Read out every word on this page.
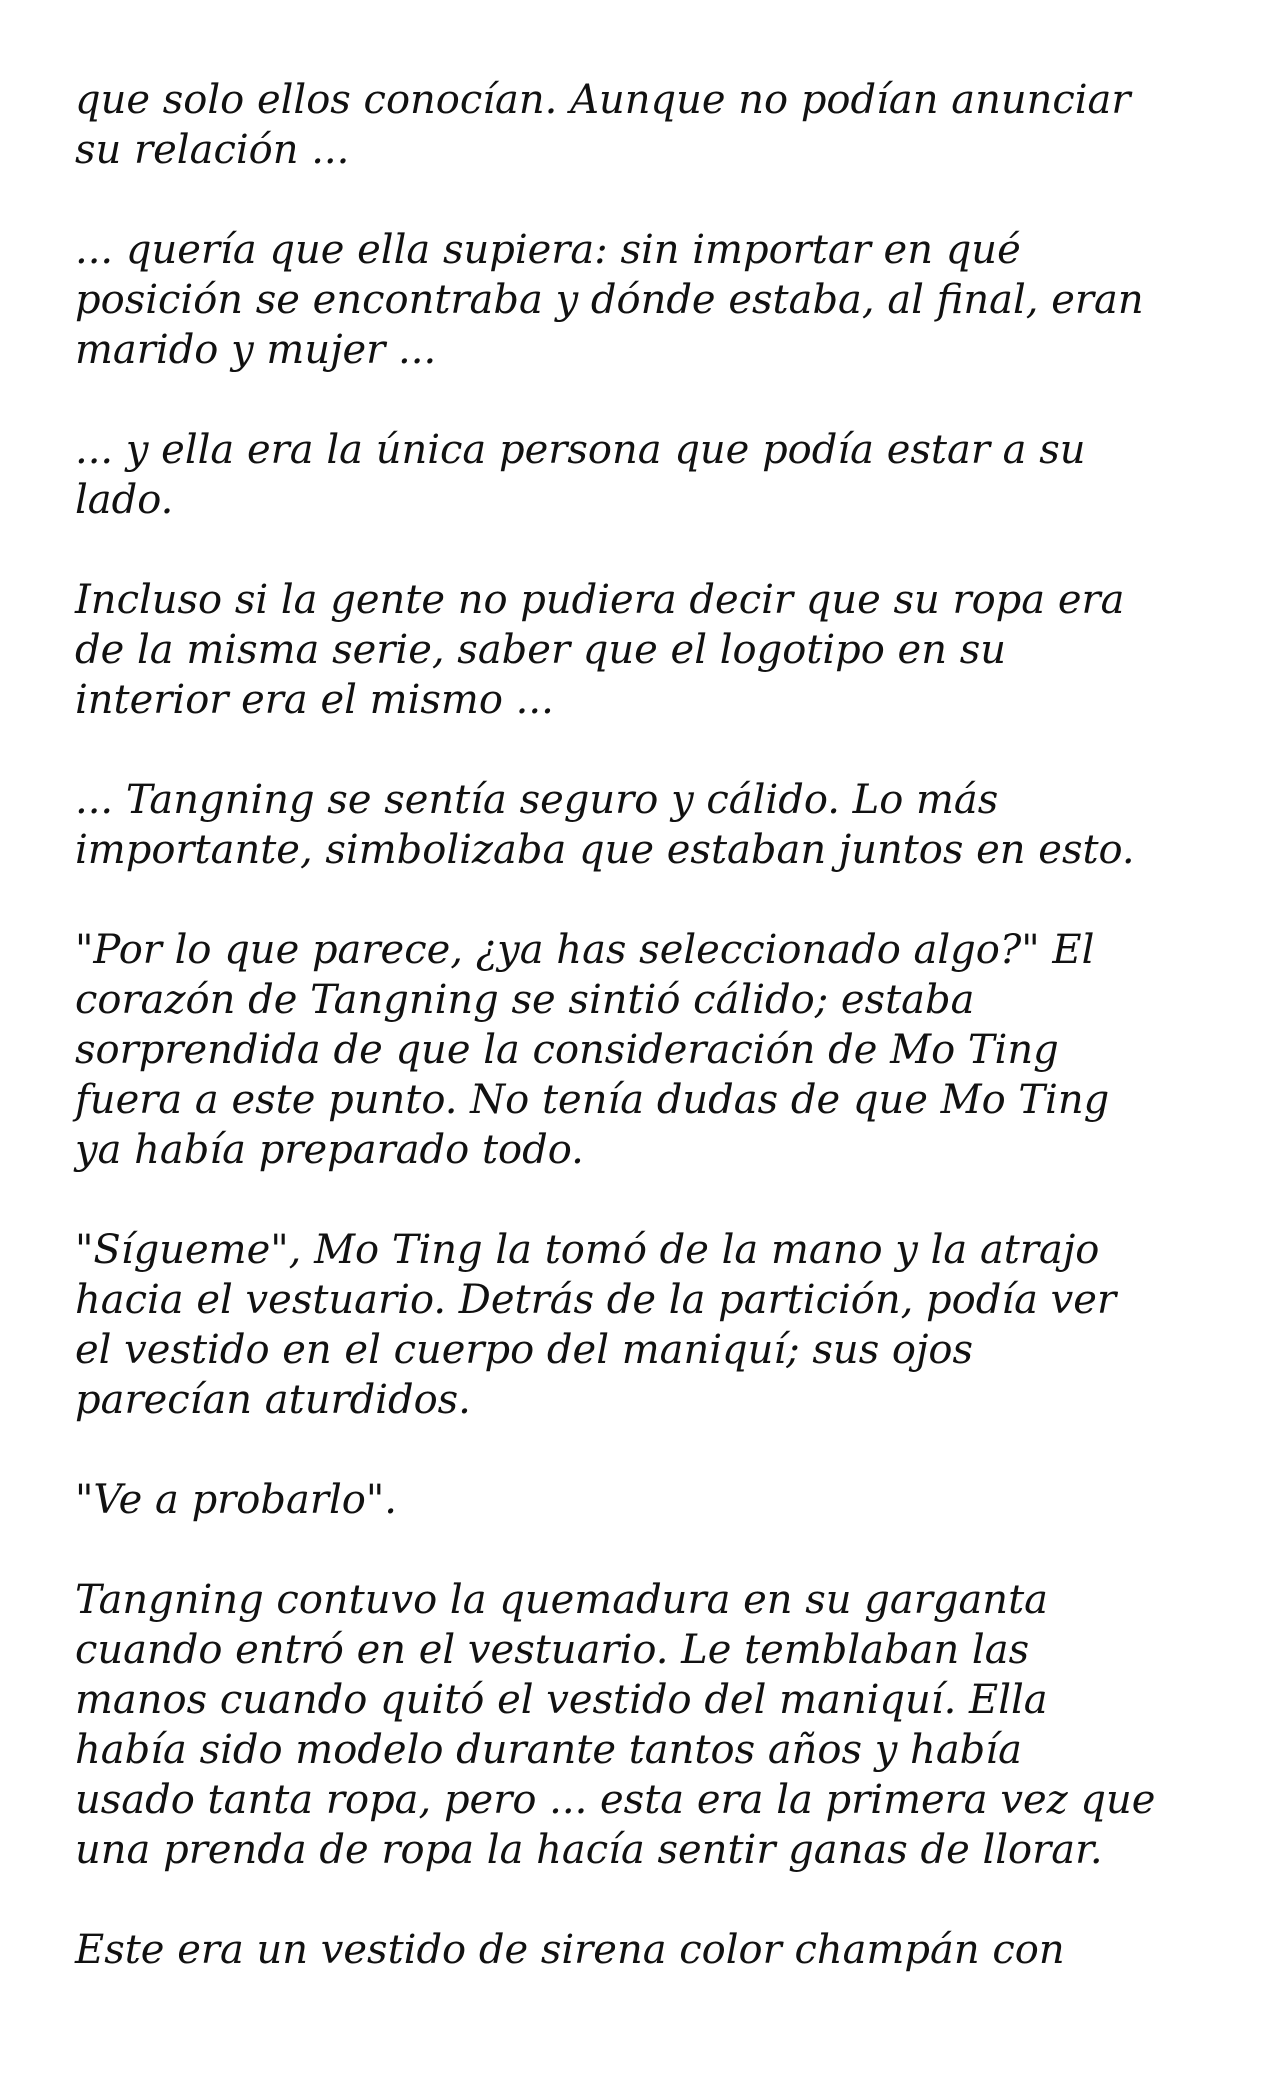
que solo ellos conocían. Aunque no podían anunciar
su relación ...

... quería que ella supiera: sin importar en qué
posición se encontraba y dónde estaba, al final, eran
marido y mujer ...

... y ella era la única persona que podía estar a su
lado.

Incluso si la gente no pudiera decir que su ropa era
de la misma serie, saber que el logotipo en su
interior era el mismo ...

... Tangning se sentía seguro y cálido. Lo más
importante, simbolizaba que estaban juntos en esto.

"Por lo que parece, ¿ya has seleccionado algo?" El
corazón de Tangning se sintió cálido; estaba
sorprendida de que la consideración de Mo Ting
fuera a este punto. No tenía dudas de que Mo Ting
ya había preparado todo.

"Sígueme", Mo Ting la tomó de la mano y la atrajo
hacia el vestuario. Detrás de la partición, podía ver
el vestido en el cuerpo del maniquí; sus ojos
parecían aturdidos.

"Ve a probarlo".

Tangning contuvo la quemadura en su garganta
cuando entró en el vestuario. Le temblaban las
manos cuando quitó el vestido del maniquí. Ella
había sido modelo durante tantos años y había
usado tanta ropa, pero ... esta era la primera vez que
una prenda de ropa la hacía sentir ganas de llorar.

Este era un vestido de sirena color champán con
